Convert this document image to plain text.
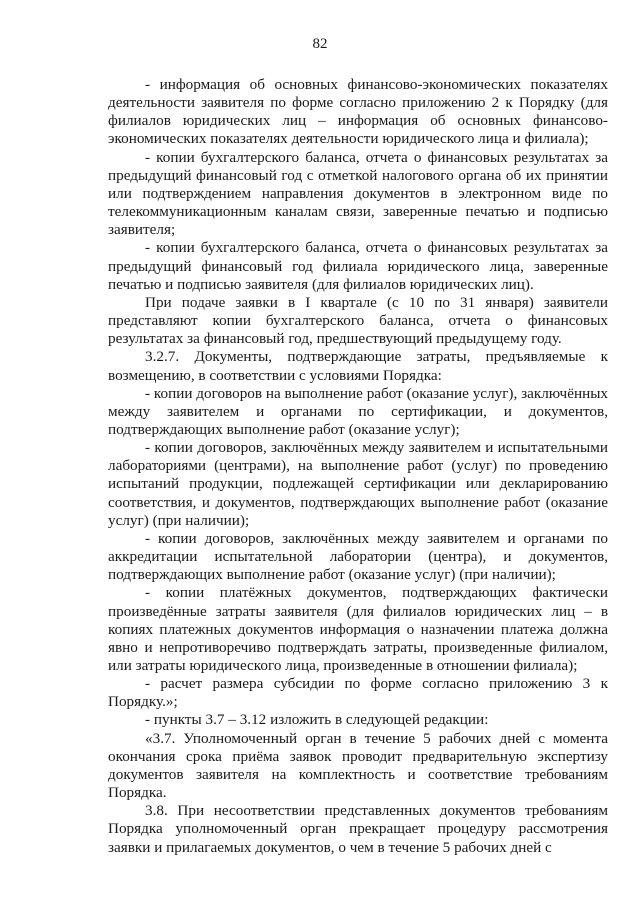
82

- информация об основных финансово-экономических показателях деятельности заявителя по форме согласно приложению 2 к Порядку (для филиалов юридических лиц – информация об основных финансово-экономических показателях деятельности юридического лица и филиала);

- копии бухгалтерского баланса, отчета о финансовых результатах за предыдущий финансовый год с отметкой налогового органа об их принятии или подтверждением направления документов в электронном виде по телекоммуникационным каналам связи, заверенные печатью и подписью заявителя;

- копии бухгалтерского баланса, отчета о финансовых результатах за предыдущий финансовый год филиала юридического лица, заверенные печатью и подписью заявителя (для филиалов юридических лиц).

При подаче заявки в I квартале (с 10 по 31 января) заявители представляют копии бухгалтерского баланса, отчета о финансовых результатах за финансовый год, предшествующий предыдущему году.

3.2.7. Документы, подтверждающие затраты, предъявляемые к возмещению, в соответствии с условиями Порядка:

- копии договоров на выполнение работ (оказание услуг), заключённых между заявителем и органами по сертификации, и документов, подтверждающих выполнение работ (оказание услуг);

- копии договоров, заключённых между заявителем и испытательными лабораториями (центрами), на выполнение работ (услуг) по проведению испытаний продукции, подлежащей сертификации или декларированию соответствия, и документов, подтверждающих выполнение работ (оказание услуг) (при наличии);

- копии договоров, заключённых между заявителем и органами по аккредитации испытательной лаборатории (центра), и документов, подтверждающих выполнение работ (оказание услуг) (при наличии);

- копии платёжных документов, подтверждающих фактически произведённые затраты заявителя (для филиалов юридических лиц – в копиях платежных документов информация о назначении платежа должна явно и непротиворечиво подтверждать затраты, произведенные филиалом, или затраты юридического лица, произведенные в отношении филиала);

- расчет размера субсидии по форме согласно приложению 3 к Порядку.»;

- пункты 3.7 – 3.12 изложить в следующей редакции:

«3.7. Уполномоченный орган в течение 5 рабочих дней с момента окончания срока приёма заявок проводит предварительную экспертизу документов заявителя на комплектность и соответствие требованиям Порядка.

3.8. При несоответствии представленных документов требованиям Порядка уполномоченный орган прекращает процедуру рассмотрения заявки и прилагаемых документов, о чем в течение 5 рабочих дней с
